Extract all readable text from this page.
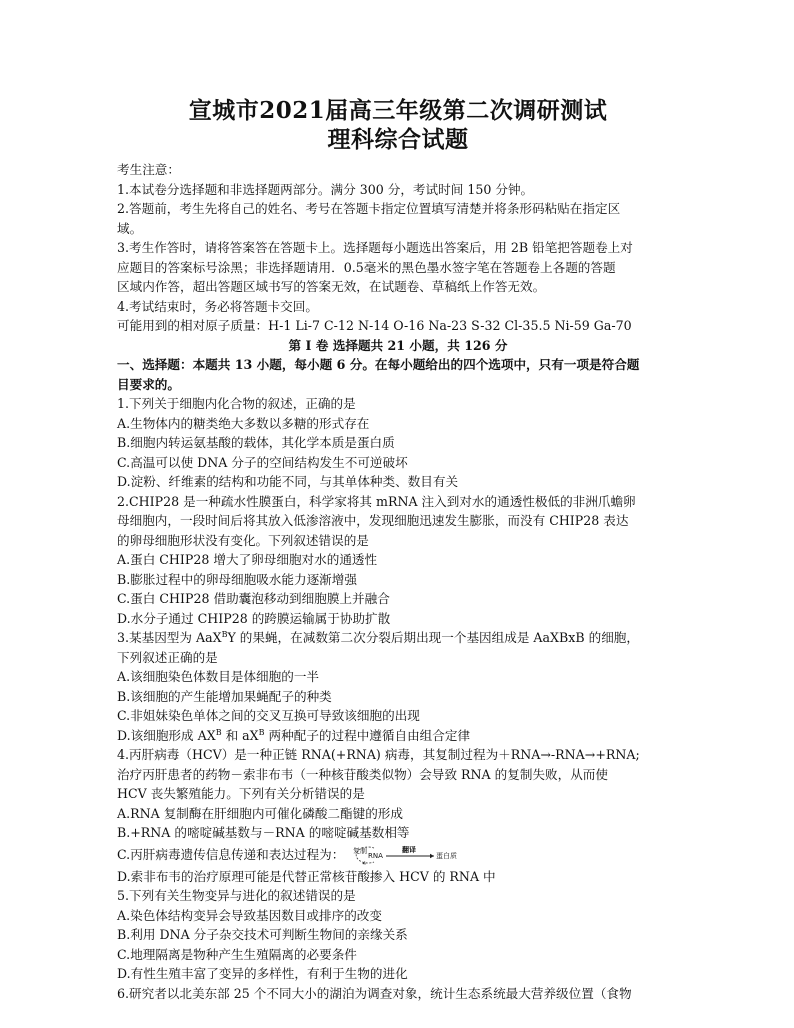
宣城市2021届高三年级第二次调研测试
理科综合试题

考生注意：

1.本试卷分选择题和非选择题两部分。满分 300 分，考试时间 150 分钟。

2.答题前，考生先将自己的姓名、考号在答题卡指定位置填写清楚并将条形码粘贴在指定区

域。

3.考生作答时，请将答案答在答题卡上。选择题每小题选出答案后，用 2B 铅笔把答题卷上对

应题目的答案标号涂黑；非选择题请用．0.5毫米的黑色墨水签字笔在答题卷上各题的答题

区域内作答，超出答题区域书写的答案无效，在试题卷、草稿纸上作答无效。

4.考试结束时，务必将答题卡交回。

可能用到的相对原子质量：H-1 Li-7 C-12 N-14 O-16 Na-23 S-32 Cl-35.5 Ni-59 Ga-70

第 I 卷 选择题共 21 小题，共 126 分

一、选择题：本题共 13 小题，每小题 6 分。在每小题给出的四个选项中，只有一项是符合题

目要求的。

1.下列关于细胞内化合物的叙述，正确的是

A.生物体内的糖类绝大多数以多糖的形式存在

B.细胞内转运氨基酸的载体，其化学本质是蛋白质

C.高温可以使 DNA 分子的空间结构发生不可逆破坏

D.淀粉、纤维素的结构和功能不同，与其单体种类、数目有关

2.CHIP28 是一种疏水性膜蛋白，科学家将其 mRNA 注入到对水的通透性极低的非洲爪蟾卵

母细胞内，一段时间后将其放入低渗溶液中，发现细胞迅速发生膨胀，而没有 CHIP28 表达

的卵母细胞形状没有变化。下列叙述错误的是

A.蛋白 CHIP28 增大了卵母细胞对水的通透性

B.膨胀过程中的卵母细胞吸水能力逐渐增强

C.蛋白 CHIP28 借助囊泡移动到细胞膜上并融合

D.水分子通过 CHIP28 的跨膜运输属于协助扩散

3.某基因型为 AaX$^B$Y 的果蝇，在减数第二次分裂后期出现一个基因组成是 AaXBxB 的细胞，

下列叙述正确的是

A.该细胞染色体数目是体细胞的一半

B.该细胞的产生能增加果蝇配子的种类

C.非姐妹染色单体之间的交叉互换可导致该细胞的出现

D.该细胞形成 $AX^B$ 和 $aX^B$ 两种配子的过程中遵循自由组合定律

4.丙肝病毒（HCV）是一种正链 RNA(+RNA) 病毒，其复制过程为＋RNA→-RNA→+RNA;

治疗丙肝患者的药物－索非布韦（一种核苷酸类似物）会导致 RNA 的复制失败，从而使

HCV 丧失繁殖能力。下列有关分析错误的是

A.RNA 复制酶在肝细胞内可催化磷酸二酯键的形成

B.+RNA 的嘧啶碱基数与－RNA 的嘧啶碱基数相等

C.丙肝病毒遗传信息传递和表达过程为： 复制
RNA
翻译
蛋白质

D.索非布韦的治疗原理可能是代替正常核苷酸掺入 HCV 的 RNA 中

5.下列有关生物变异与进化的叙述错误的是

A.染色体结构变异会导致基因数目或排序的改变

B.利用 DNA 分子杂交技术可判断生物间的亲缘关系

C.地理隔离是物种产生生殖隔离的必要条件

D.有性生殖丰富了变异的多样性，有利于生物的进化

6.研究者以北美东部 25 个不同大小的湖泊为调查对象，统计生态系统最大营养级位置（食物
